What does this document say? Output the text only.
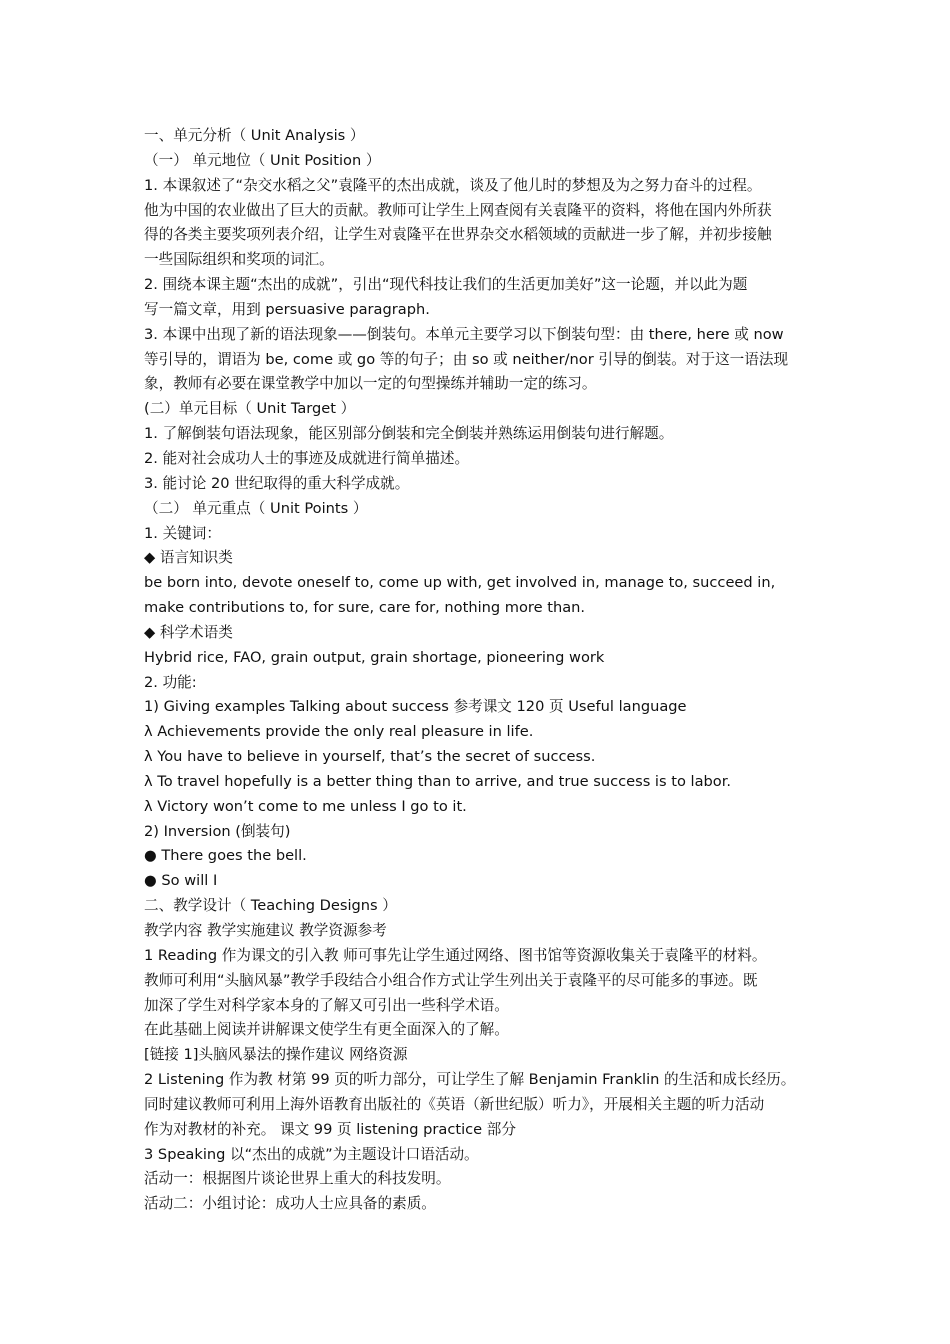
一、单元分析（ Unit Analysis ）
（一） 单元地位（ Unit Position ）
1. 本课叙述了“杂交水稻之父”袁隆平的杰出成就，谈及了他儿时的梦想及为之努力奋斗的过程。
他为中国的农业做出了巨大的贡献。教师可让学生上网查阅有关袁隆平的资料，将他在国内外所获
得的各类主要奖项列表介绍，让学生对袁隆平在世界杂交水稻领域的贡献进一步了解，并初步接触
一些国际组织和奖项的词汇。
2. 围绕本课主题“杰出的成就”，引出“现代科技让我们的生活更加美好”这一论题，并以此为题
写一篇文章，用到 persuasive paragraph.
3. 本课中出现了新的语法现象——倒装句。本单元主要学习以下倒装句型：由 there, here 或 now
等引导的，谓语为 be, come 或 go 等的句子；由 so 或 neither/nor 引导的倒装。对于这一语法现
象，教师有必要在课堂教学中加以一定的句型操练并辅助一定的练习。
(二）单元目标（ Unit Target ）
1. 了解倒装句语法现象，能区别部分倒装和完全倒装并熟练运用倒装句进行解题。
2. 能对社会成功人士的事迹及成就进行简单描述。
3. 能讨论 20 世纪取得的重大科学成就。
（二） 单元重点（ Unit Points ）
1. 关键词：
◆ 语言知识类
be born into, devote oneself to, come up with, get involved in, manage to, succeed in,
make contributions to, for sure, care for, nothing more than.
◆ 科学术语类
Hybrid rice, FAO, grain output, grain shortage, pioneering work
2. 功能:
1) Giving examples Talking about success 参考课文 120 页 Useful language
λ Achievements provide the only real pleasure in life.
λ You have to believe in yourself, that’s the secret of success.
λ To travel hopefully is a better thing than to arrive, and true success is to labor.
λ Victory won’t come to me unless I go to it.
2) Inversion (倒装句)
● There goes the bell.
● So will I
二、教学设计（ Teaching Designs ）
教学内容 教学实施建议 教学资源参考
1 Reading 作为课文的引入教 师可事先让学生通过网络、图书馆等资源收集关于袁隆平的材料。
教师可利用“头脑风暴”教学手段结合小组合作方式让学生列出关于袁隆平的尽可能多的事迹。既
加深了学生对科学家本身的了解又可引出一些科学术语。
在此基础上阅读并讲解课文使学生有更全面深入的了解。
[链接 1]头脑风暴法的操作建议 网络资源
2 Listening 作为教 材第 99 页的听力部分，可让学生了解 Benjamin Franklin 的生活和成长经历。
同时建议教师可利用上海外语教育出版社的《英语（新世纪版）听力》，开展相关主题的听力活动
作为对教材的补充。 课文 99 页 listening practice 部分
3 Speaking 以“杰出的成就”为主题设计口语活动。
活动一：根据图片谈论世界上重大的科技发明。
活动二：小组讨论：成功人士应具备的素质。
